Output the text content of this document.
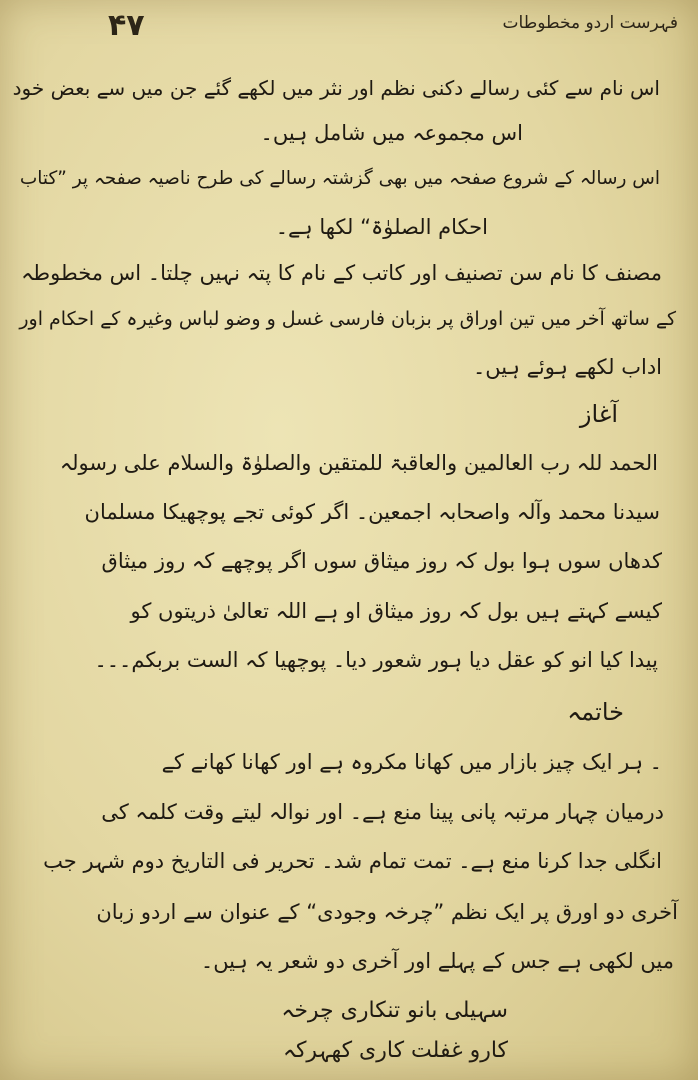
۴۷	فہرست اردو مخطوطات
اس نام سے کئی رسالے دکنی نظم اور نثر میں لکھے گئے جن میں سے بعض خود
اس مجموعہ میں شامل ہیں۔
اس رسالہ کے شروع صفحہ میں بھی گزشتہ رسالے کی طرح ناصیہ صفحہ پر ”کتاب
احکام الصلوٰۃ“ لکھا ہے۔
مصنف کا نام سن تصنیف اور کاتب کے نام کا پتہ نہیں چلتا۔ اس مخطوطہ
کے ساتھ آخر میں تین اوراق پر بزبان فارسی غسل و وضو لباس وغیرہ کے احکام اور
اداب لکھے ہوئے ہیں۔
آغاز
الحمد للہ رب العالمین والعاقبۃ للمتقین والصلوٰۃ والسلام علی رسولہ
سیدنا محمد وآلہ واصحابہ اجمعین۔ اگر کوئی تجے پوچھیکا مسلمان
کدھاں سوں ہوا بول کہ روز میثاق سوں اگر پوچھے کہ روز میثاق
کیسے کہتے ہیں بول کہ روز میثاق او ہے اللہ تعالیٰ ذریتوں کو
پیدا کیا انو کو عقل دیا ہور شعور دیا۔ پوچھیا کہ الست بربکم۔۔۔
خاتمہ
۔ ہر ایک چیز بازار میں کھانا مکروہ ہے اور کھانا کھانے کے
درمیان چہار مرتبہ پانی پینا منع ہے۔ اور نوالہ لیتے وقت کلمہ کی
انگلی جدا کرنا منع ہے۔ تمت تمام شد۔ تحریر فی التاریخ دوم شہر جب
آخری دو اورق پر ایک نظم ”چرخہ وجودی“ کے عنوان سے اردو زبان
میں لکھی ہے جس کے پہلے اور آخری دو شعر یہ ہیں۔
سہیلی بانو تنکاری چرخہ
کارو غفلت کاری کھہرکہ
